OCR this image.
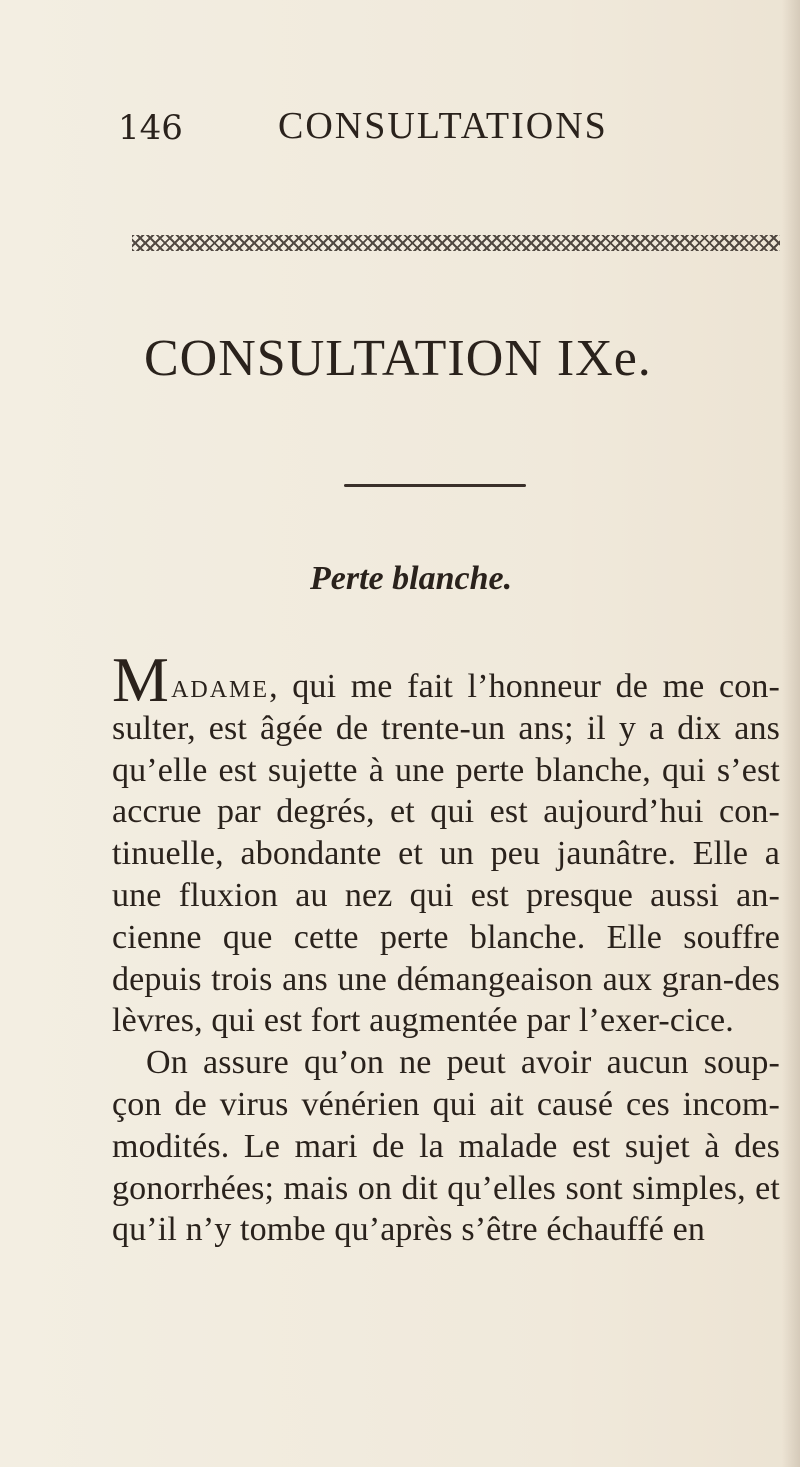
146	CONSULTATIONS
CONSULTATION IXe.
Perte blanche.

Madame, qui me fait l’honneur de me con-sulter, est âgée de trente-un ans; il y a dix ans qu’elle est sujette à une perte blanche, qui s’est accrue par degrés, et qui est aujourd’hui con-tinuelle, abondante et un peu jaunâtre. Elle a une fluxion au nez qui est presque aussi an-cienne que cette perte blanche. Elle souffre depuis trois ans une démangeaison aux gran-des lèvres, qui est fort augmentée par l’exer-cice.

On assure qu’on ne peut avoir aucun soup-çon de virus vénérien qui ait causé ces incom-modités. Le mari de la malade est sujet à des gonorrhées; mais on dit qu’elles sont simples, et qu’il n’y tombe qu’après s’être échauffé en
